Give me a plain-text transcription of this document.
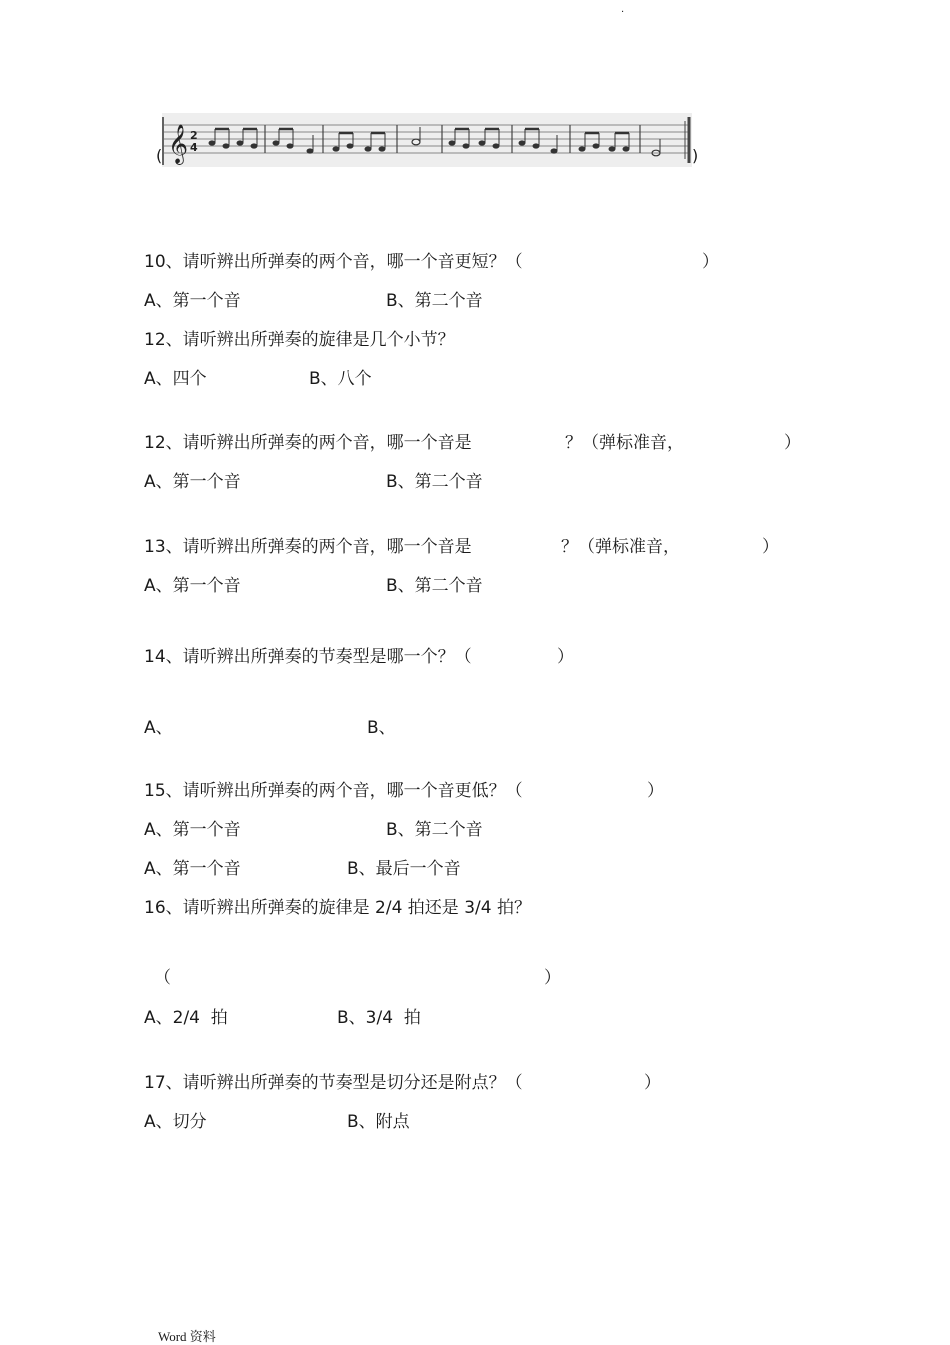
.
(	)
𝄞 2
4
10、请听辨出所弹奏的两个音，哪一个音更短？（	）
A、第一个音	B、第二个音
12、请听辨出所弹奏的旋律是几个小节？
A、四个	B、八个
12、请听辨出所弹奏的两个音，哪一个音是	？（弹标准音，	）
A、第一个音	B、第二个音
13、请听辨出所弹奏的两个音，哪一个音是	？（弹标准音，	）
A、第一个音	B、第二个音
14、请听辨出所弹奏的节奏型是哪一个？（	）
A、	B、
15、请听辨出所弹奏的两个音，哪一个音更低？（	）
A、第一个音	B、第二个音
A、第一个音	B、最后一个音
16、请听辨出所弹奏的旋律是 2/4 拍还是 3/4 拍？
（	）
A、2/4  拍	B、3/4  拍
17、请听辨出所弹奏的节奏型是切分还是附点？（	）
A、切分	B、附点
Word 资料
